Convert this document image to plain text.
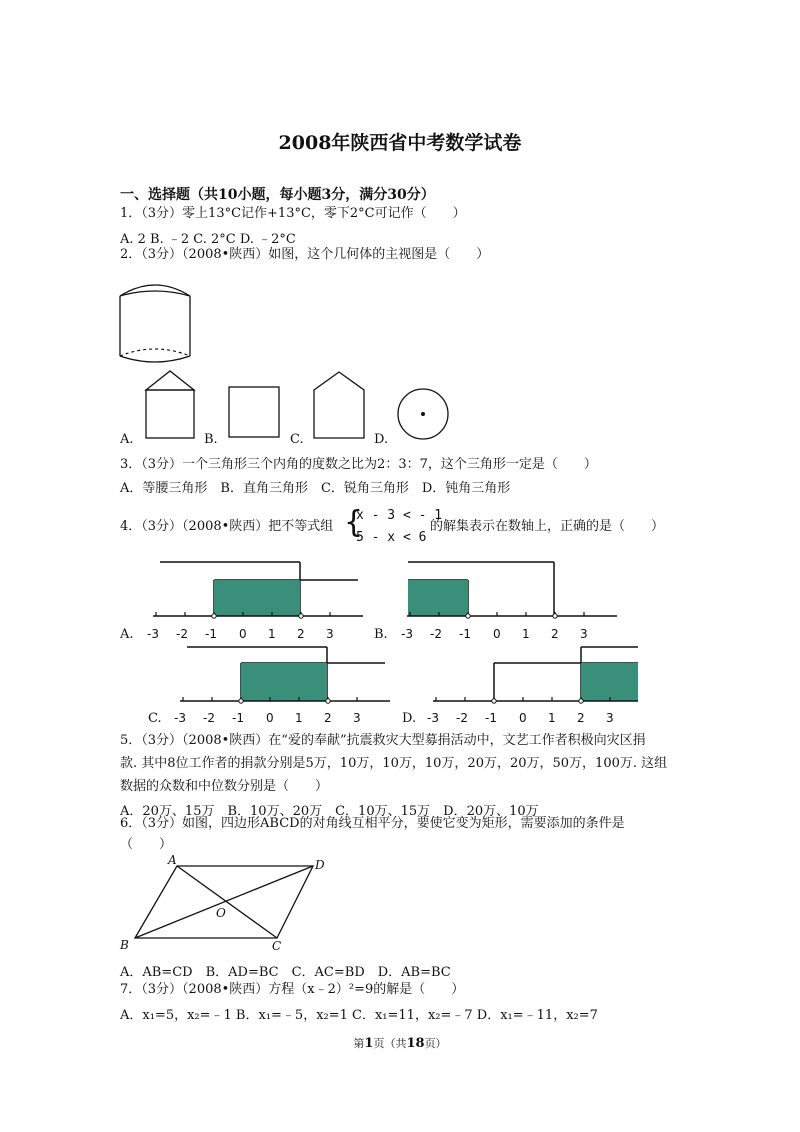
2008年陕西省中考数学试卷
一、选择题（共10小题，每小题3分，满分30分）
1．（3分）零上13°C记作+13°C，零下2°C可记作（　　）
A. 2 B. ﹣2 C. 2°C D. ﹣2°C
2．（3分）（2008•陕西）如图，这个几何体的主视图是（　　）
A.	B.	C.	D.
3．（3分）一个三角形三个内角的度数之比为2：3：7，这个三角形一定是（　　）
A．等腰三角形　B．直角三角形　C．锐角三角形　D．钝角三角形
4．（3分）（2008•陕西）把不等式组 {
x - 3 < - 1
5 - x < 6
的解集表示在数轴上，正确的是（　　）
A. -3 -2 -1 0 1 2 3	B. -3 -2 -1 0 1 2 3
C. -3 -2 -1 0 1 2 3	D. -3 -2 -1 0 1 2 3
5．（3分）（2008•陕西）在“爱的奉献”抗震救灾大型募捐活动中，文艺工作者积极向灾区捐
款. 其中8位工作者的捐款分别是5万，10万，10万，10万，20万，20万，50万，100万. 这组
数据的众数和中位数分别是（　　）
A．20万、15万　B．10万、20万　C．10万、15万　D．20万、10万
6．（3分）如图，四边形ABCD的对角线互相平分，要使它变为矩形，需要添加的条件是
（　　）
A	D
O
B	C
A．AB=CD　B．AD=BC　C．AC=BD　D．AB=BC
7．（3分）（2008•陕西）方程（x﹣2）²=9的解是（　　）
A．x₁=5，x₂=﹣1 B．x₁=﹣5，x₂=1 C．x₁=11，x₂=﹣7 D．x₁=﹣11，x₂=7
第1页（共18页）
